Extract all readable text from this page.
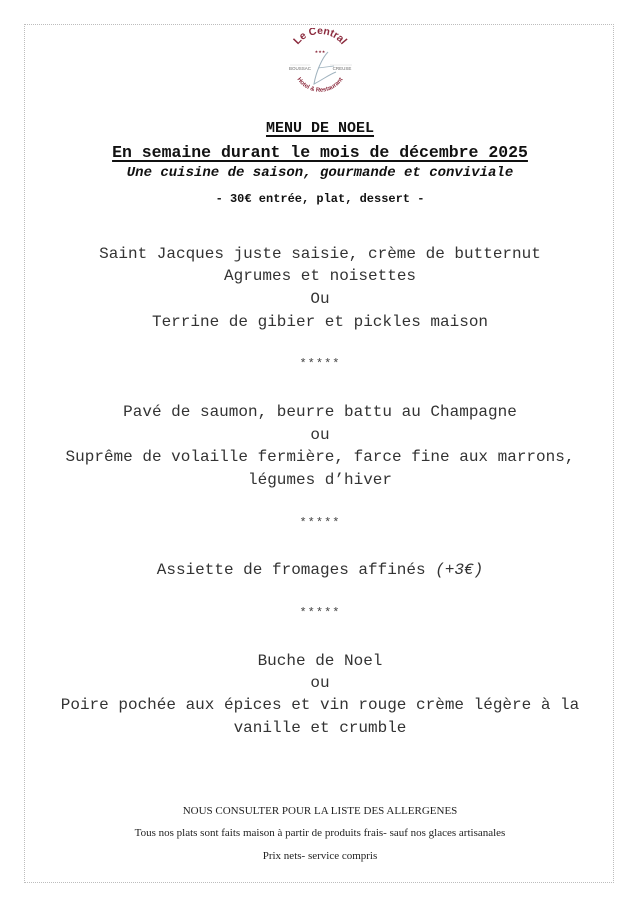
Le Central
★★★
BOUSSAC	CREUSE
Hotel & Restaurant
MENU DE NOEL
En semaine durant le mois de décembre 2025
Une cuisine de saison, gourmande et conviviale
- 30€ entrée, plat, dessert -
Saint Jacques juste saisie, crème de butternut
Agrumes et noisettes
Ou
Terrine de gibier et pickles maison
*****
Pavé de saumon, beurre battu au Champagne
ou
Suprême de volaille fermière, farce fine aux marrons,
légumes d’hiver
*****
Assiette de fromages affinés (+3€)
*****
Buche de Noel
ou
Poire pochée aux épices et vin rouge crème légère à la
vanille et crumble
NOUS CONSULTER POUR LA LISTE DES ALLERGENES
Tous nos plats sont faits maison à partir de produits frais- sauf nos glaces artisanales
Prix nets- service compris
